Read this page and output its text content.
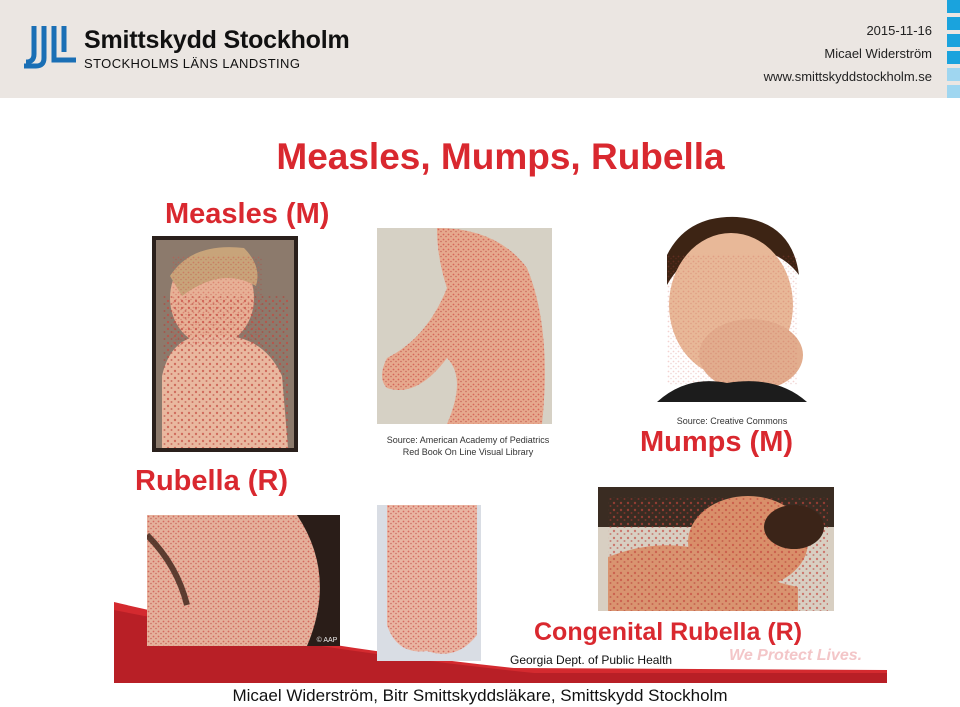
Smittskydd Stockholm
STOCKHOLMS LÄNS LANDSTING
2015-11-16
Micael Widerström
www.smittskyddstockholm.se
Measles, Mumps, Rubella
Measles (M)
Source: American Academy of Pediatrics
Red Book On Line Visual Library
Source: Creative Commons
Mumps (M)
Rubella (R)
© AAP	Congenital Rubella (R)
We Protect Lives.
Georgia Dept. of Public Health
Micael Widerström, Bitr Smittskyddsläkare, Smittskydd Stockholm
